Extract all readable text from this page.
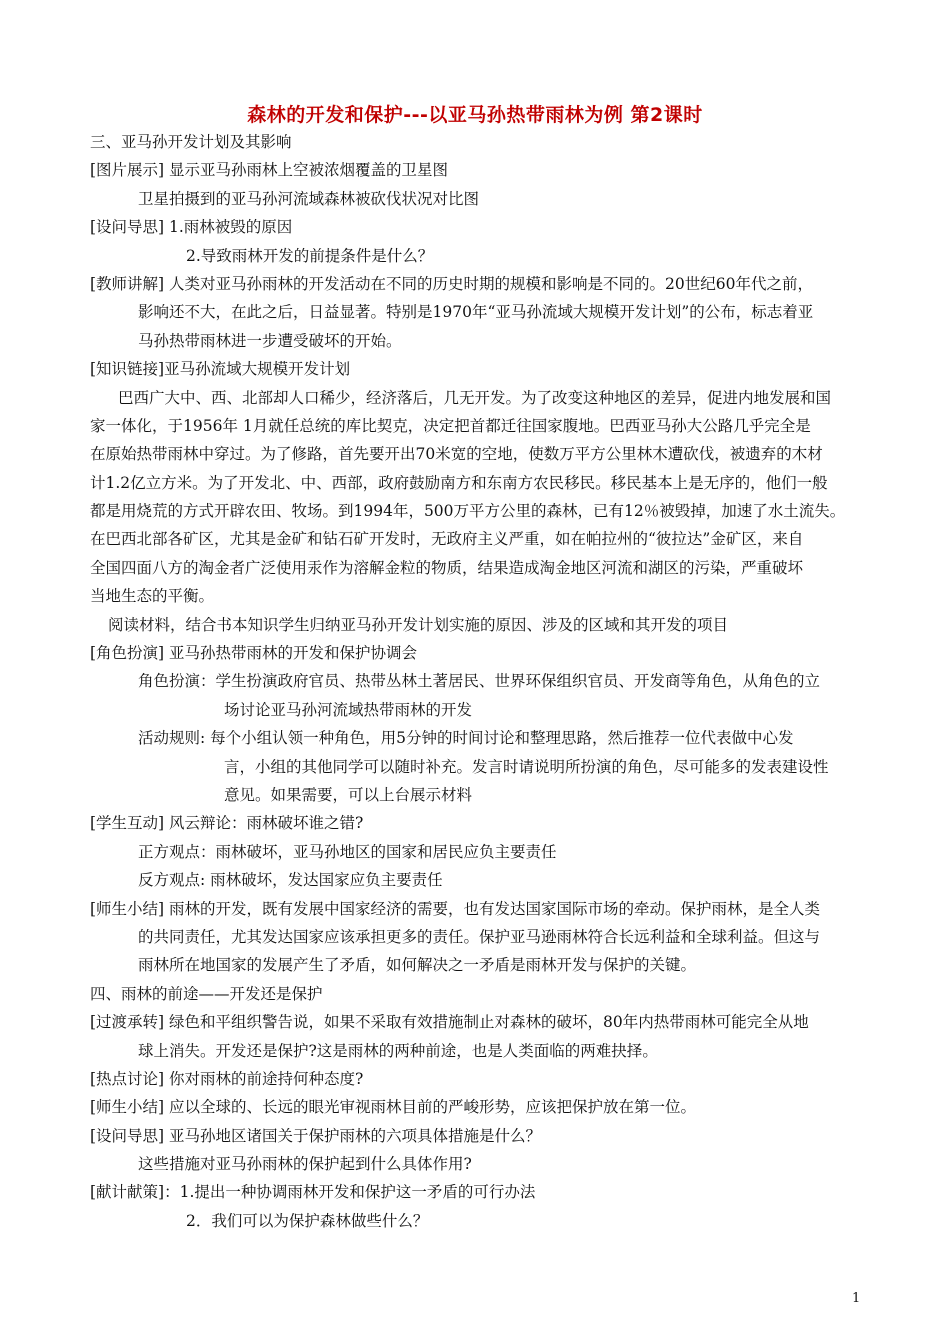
森林的开发和保护---以亚马孙热带雨林为例 第2课时
三、亚马孙开发计划及其影响
[图片展示] 显示亚马孙雨林上空被浓烟覆盖的卫星图
卫星拍摄到的亚马孙河流域森林被砍伐状况对比图
[设问导思] 1.雨林被毁的原因
2.导致雨林开发的前提条件是什么？
[教师讲解] 人类对亚马孙雨林的开发活动在不同的历史时期的规模和影响是不同的。20世纪60年代之前，
影响还不大，在此之后，日益显著。特别是1970年“亚马孙流域大规模开发计划”的公布，标志着亚
马孙热带雨林进一步遭受破坏的开始。
[知识链接]亚马孙流域大规模开发计划
巴西广大中、西、北部却人口稀少，经济落后，几无开发。为了改变这种地区的差异，促进内地发展和国
家一体化，于1956年 1月就任总统的库比契克，决定把首都迁往国家腹地。巴西亚马孙大公路几乎完全是
在原始热带雨林中穿过。为了修路，首先要开出70米宽的空地，使数万平方公里林木遭砍伐，被遗弃的木材
计1.2亿立方米。为了开发北、中、西部，政府鼓励南方和东南方农民移民。移民基本上是无序的，他们一般
都是用烧荒的方式开辟农田、牧场。到1994年，500万平方公里的森林，已有12％被毁掉，加速了水土流失。
在巴西北部各矿区，尤其是金矿和钻石矿开发时，无政府主义严重，如在帕拉州的“彼拉达”金矿区，来自
全国四面八方的淘金者广泛使用汞作为溶解金粒的物质，结果造成淘金地区河流和湖区的污染，严重破坏
当地生态的平衡。
阅读材料，结合书本知识学生归纳亚马孙开发计划实施的原因、涉及的区域和其开发的项目
[角色扮演] 亚马孙热带雨林的开发和保护协调会
角色扮演：学生扮演政府官员、热带丛林土著居民、世界环保组织官员、开发商等角色，从角色的立
场讨论亚马孙河流域热带雨林的开发
活动规则: 每个小组认领一种角色，用5分钟的时间讨论和整理思路，然后推荐一位代表做中心发
言，小组的其他同学可以随时补充。发言时请说明所扮演的角色，尽可能多的发表建设性
意见。如果需要，可以上台展示材料
[学生互动] 风云辩论：雨林破坏谁之错?
正方观点：雨林破坏，亚马孙地区的国家和居民应负主要责任
反方观点: 雨林破坏，发达国家应负主要责任
[师生小结] 雨林的开发，既有发展中国家经济的需要，也有发达国家国际市场的牵动。保护雨林，是全人类
的共同责任，尤其发达国家应该承担更多的责任。保护亚马逊雨林符合长远利益和全球利益。但这与
雨林所在地国家的发展产生了矛盾，如何解决之一矛盾是雨林开发与保护的关键。
四、雨林的前途——开发还是保护
[过渡承转] 绿色和平组织警告说，如果不采取有效措施制止对森林的破坏，80年内热带雨林可能完全从地
球上消失。开发还是保护?这是雨林的两种前途，也是人类面临的两难抉择。
[热点讨论] 你对雨林的前途持何种态度?
[师生小结] 应以全球的、长远的眼光审视雨林目前的严峻形势，应该把保护放在第一位。
[设问导思] 亚马孙地区诸国关于保护雨林的六项具体措施是什么？
这些措施对亚马孙雨林的保护起到什么具体作用?
[献计献策]：1.提出一种协调雨林开发和保护这一矛盾的可行办法
2．我们可以为保护森林做些什么？
1
